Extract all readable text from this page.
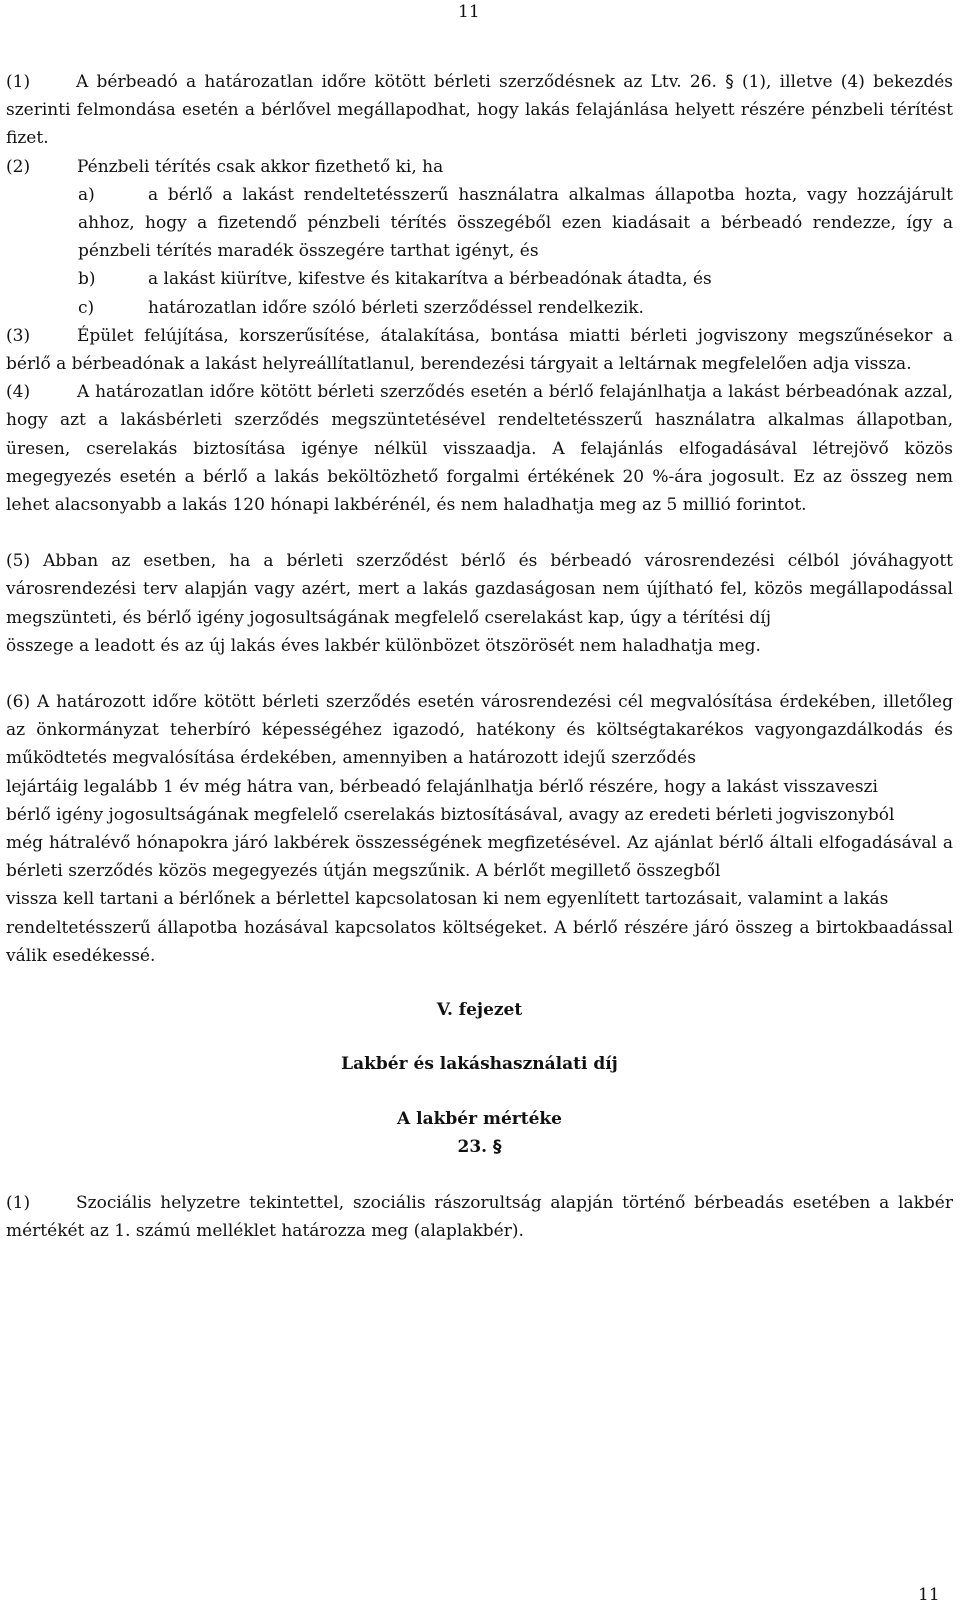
11

(1)	A bérbeadó a határozatlan időre kötött bérleti szerződésnek az Ltv. 26. § (1), illetve (4) bekezdés szerinti felmondása esetén a bérlővel megállapodhat, hogy lakás felajánlása helyett részére pénzbeli térítést fizet.

(2)	Pénzbeli térítés csak akkor fizethető ki, ha

a)	a bérlő a lakást rendeltetésszerű használatra alkalmas állapotba hozta, vagy hozzájárult ahhoz, hogy a fizetendő pénzbeli térítés összegéből ezen kiadásait a bérbeadó rendezze, így a pénzbeli térítés maradék összegére tarthat igényt, és

b)	a lakást kiürítve, kifestve és kitakarítva a bérbeadónak átadta, és

c)	határozatlan időre szóló bérleti szerződéssel rendelkezik.

(3)	Épület felújítása, korszerűsítése, átalakítása, bontása miatti bérleti jogviszony megszűnésekor a bérlő a bérbeadónak a lakást helyreállítatlanul, berendezési tárgyait a leltárnak megfelelően adja vissza.

(4)	A határozatlan időre kötött bérleti szerződés esetén a bérlő felajánlhatja a lakást bérbeadónak azzal, hogy azt a lakásbérleti szerződés megszüntetésével rendeltetésszerű használatra alkalmas állapotban, üresen, cserelakás biztosítása igénye nélkül visszaadja. A felajánlás elfogadásával létrejövő közös megegyezés esetén a bérlő a lakás beköltözhető forgalmi értékének 20 %-ára jogosult. Ez az összeg nem lehet alacsonyabb a lakás 120 hónapi lakbérénél, és nem haladhatja meg az 5 millió forintot.

(5) Abban az esetben, ha a bérleti szerződést bérlő és bérbeadó városrendezési célból jóváhagyott városrendezési terv alapján vagy azért, mert a lakás gazdaságosan nem újítható fel, közös megállapodással megszünteti, és bérlő igény jogosultságának megfelelő cserelakást kap, úgy a térítési díj

összege a leadott és az új lakás éves lakbér különbözet ötszörösét nem haladhatja meg.

(6) A határozott időre kötött bérleti szerződés esetén városrendezési cél megvalósítása érdekében, illetőleg az önkormányzat teherbíró képességéhez igazodó, hatékony és költségtakarékos vagyongazdálkodás és működtetés megvalósítása érdekében, amennyiben a határozott idejű szerződés

lejártáig legalább 1 év még hátra van, bérbeadó felajánlhatja bérlő részére, hogy a lakást visszaveszi

bérlő igény jogosultságának megfelelő cserelakás biztosításával, avagy az eredeti bérleti jogviszonyból

még hátralévő hónapokra járó lakbérek összességének megfizetésével. Az ajánlat bérlő általi elfogadásával a bérleti szerződés közös megegyezés útján megszűnik. A bérlőt megillető összegből

vissza kell tartani a bérlőnek a bérlettel kapcsolatosan ki nem egyenlített tartozásait, valamint a lakás

rendeltetésszerű állapotba hozásával kapcsolatos költségeket. A bérlő részére járó összeg a birtokbaadással válik esedékessé.

V. fejezet

Lakbér és lakáshasználati díj

A lakbér mértéke

23. §

(1)	Szociális helyzetre tekintettel, szociális rászorultság alapján történő bérbeadás esetében a lakbér mértékét az 1. számú melléklet határozza meg (alaplakbér).

11
